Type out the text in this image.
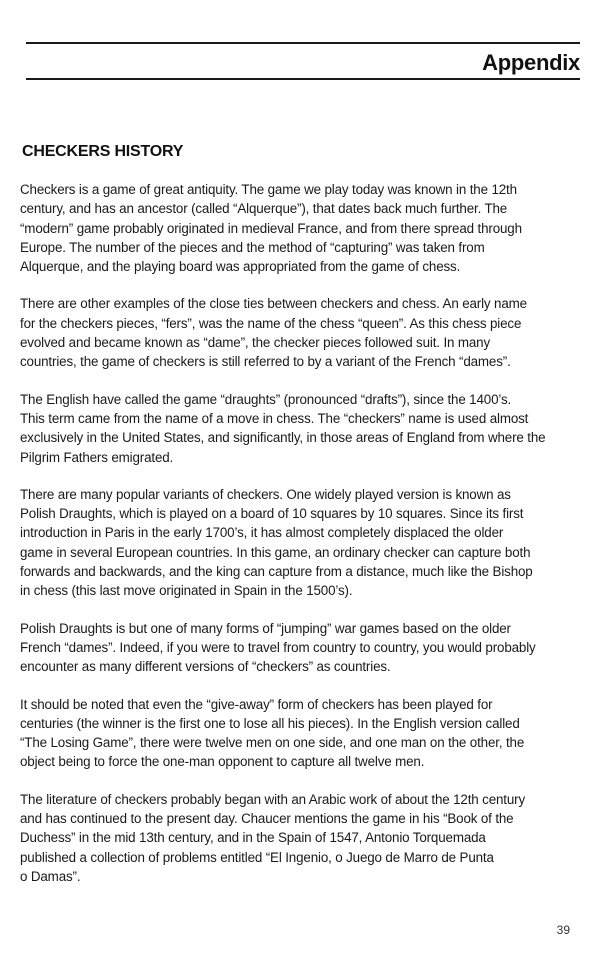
Appendix
CHECKERS HISTORY

Checkers is a game of great antiquity. The game we play today was known in the 12th
century, and has an ancestor (called “Alquerque”), that dates back much further. The
“modern” game probably originated in medieval France, and from there spread through
Europe. The number of the pieces and the method of “capturing” was taken from
Alquerque, and the playing board was appropriated from the game of chess.

There are other examples of the close ties between checkers and chess. An early name
for the checkers pieces, “fers”, was the name of the chess “queen”. As this chess piece
evolved and became known as “dame”, the checker pieces followed suit. In many
countries, the game of checkers is still referred to by a variant of the French “dames”.

The English have called the game “draughts” (pronounced “drafts”), since the 1400’s.
This term came from the name of a move in chess. The “checkers” name is used almost
exclusively in the United States, and significantly, in those areas of England from where the
Pilgrim Fathers emigrated.

There are many popular variants of checkers. One widely played version is known as
Polish Draughts, which is played on a board of 10 squares by 10 squares. Since its first
introduction in Paris in the early 1700’s, it has almost completely displaced the older
game in several European countries. In this game, an ordinary checker can capture both
forwards and backwards, and the king can capture from a distance, much like the Bishop
in chess (this last move originated in Spain in the 1500’s).

Polish Draughts is but one of many forms of “jumping” war games based on the older
French “dames”. Indeed, if you were to travel from country to country, you would probably
encounter as many different versions of “checkers” as countries.

It should be noted that even the “give-away” form of checkers has been played for
centuries (the winner is the first one to lose all his pieces). In the English version called
“The Losing Game”, there were twelve men on one side, and one man on the other, the
object being to force the one-man opponent to capture all twelve men.

The literature of checkers probably began with an Arabic work of about the 12th century
and has continued to the present day. Chaucer mentions the game in his “Book of the
Duchess” in the mid 13th century, and in the Spain of 1547, Antonio Torquemada
published a collection of problems entitled “El Ingenio, o Juego de Marro de Punta
o Damas”.

39
